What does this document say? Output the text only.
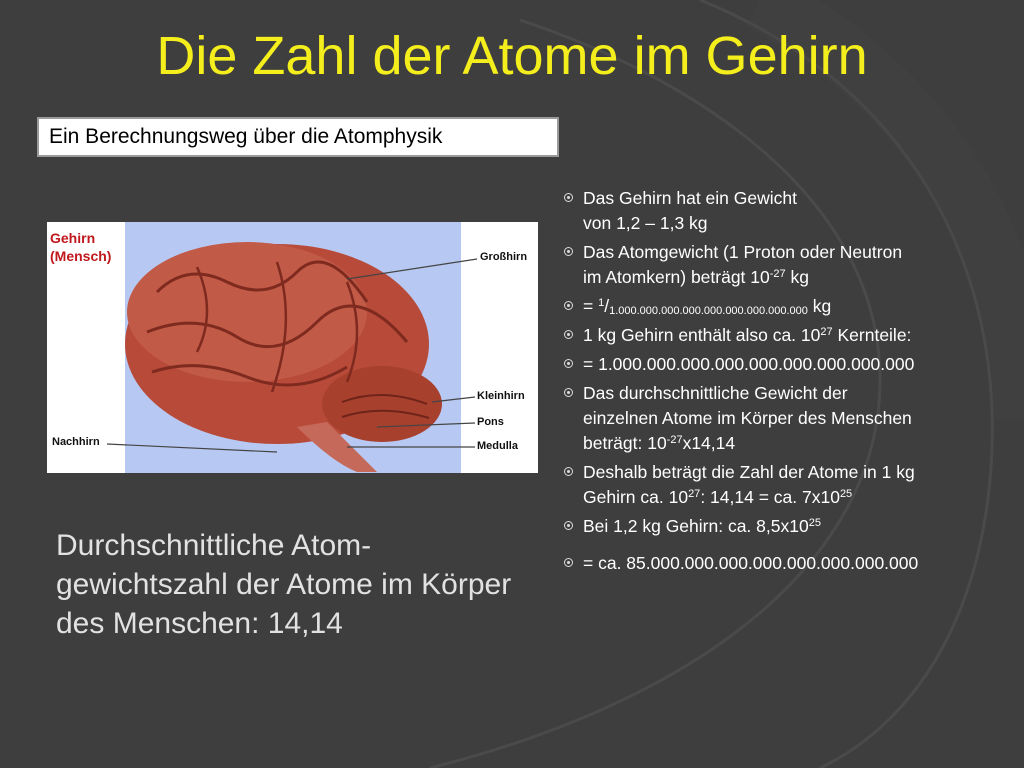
Die Zahl der Atome im Gehirn
Ein Berechnungsweg über die Atomphysik
Gehirn
(Mensch)	Großhirn
Kleinhirn
Pons
Medulla
Nachhirn
Das Gehirn hat ein Gewicht
von 1,2 – 1,3 kg
Das Atomgewicht (1 Proton oder Neutron
im Atomkern) beträgt $10^{-27}$ kg
= $^1/_{1.000.000.000.000.000.000.000.000.000}$ kg
1 kg Gehirn enthält also ca. $10^{27}$ Kernteile:
= 1.000.000.000.000.000.000.000.000.000
Das durchschnittliche Gewicht der
einzelnen Atome im Körper des Menschen
beträgt: $10^{-27}x14,14$
Deshalb beträgt die Zahl der Atome in 1 kg
Gehirn ca. $10^{27}$: 14,14 = ca. $7x10^{25}$
Bei 1,2 kg Gehirn: ca. $8,5x10^{25}$
= ca. 85.000.000.000.000.000.000.000.000
Durchschnittliche Atom-gewichtszahl der Atome im Körper des Menschen: 14,14
